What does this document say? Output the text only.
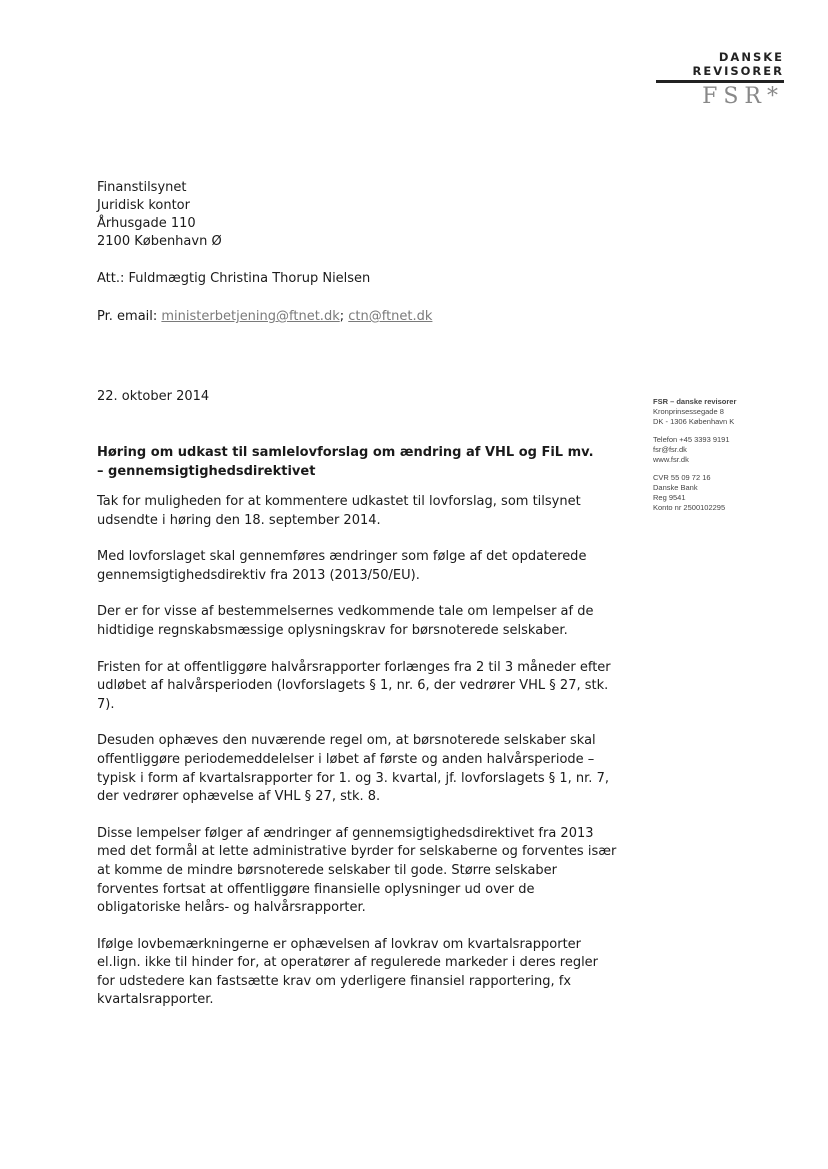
DANSKE
REVISORER
FSR*
Finanstilsynet
Juridisk kontor
Århusgade 110
2100 København Ø
Att.: Fuldmægtig Christina Thorup Nielsen
Pr. email: ministerbetjening@ftnet.dk; ctn@ftnet.dk
22. oktober 2014	FSR – danske revisorer
Kronprinsessegade 8
DK - 1306 København K
Telefon +45 3393 9191
fsr@fsr.dk
www.fsr.dk
CVR 55 09 72 16
Danske Bank
Reg 9541
Konto nr 2500102295
Høring om udkast til samlelovforslag om ændring af VHL og FiL mv. – gennemsigtighedsdirektivet

Tak for muligheden for at kommentere udkastet til lovforslag, som tilsynet udsendte i høring den 18. september 2014.

Med lovforslaget skal gennemføres ændringer som følge af det opdaterede gennemsigtighedsdirektiv fra 2013 (2013/50/EU).

Der er for visse af bestemmelsernes vedkommende tale om lempelser af de hidtidige regnskabsmæssige oplysningskrav for børsnoterede selskaber.

Fristen for at offentliggøre halvårsrapporter forlænges fra 2 til 3 måneder efter udløbet af halvårsperioden (lovforslagets § 1, nr. 6, der vedrører VHL § 27, stk. 7).

Desuden ophæves den nuværende regel om, at børsnoterede selskaber skal offentliggøre periodemeddelelser i løbet af første og anden halvårsperiode – typisk i form af kvartalsrapporter for 1. og 3. kvartal, jf. lovforslagets § 1, nr. 7, der vedrører ophævelse af VHL § 27, stk. 8.

Disse lempelser følger af ændringer af gennemsigtighedsdirektivet fra 2013 med det formål at lette administrative byrder for selskaberne og forventes især at komme de mindre børsnoterede selskaber til gode. Større selskaber forventes fortsat at offentliggøre finansielle oplysninger ud over de obligatoriske helårs- og halvårsrapporter.

Ifølge lovbemærkningerne er ophævelsen af lovkrav om kvartalsrapporter el.lign. ikke til hinder for, at operatører af regulerede markeder i deres regler for udstedere kan fastsætte krav om yderligere finansiel rapportering, fx kvartalsrapporter.
